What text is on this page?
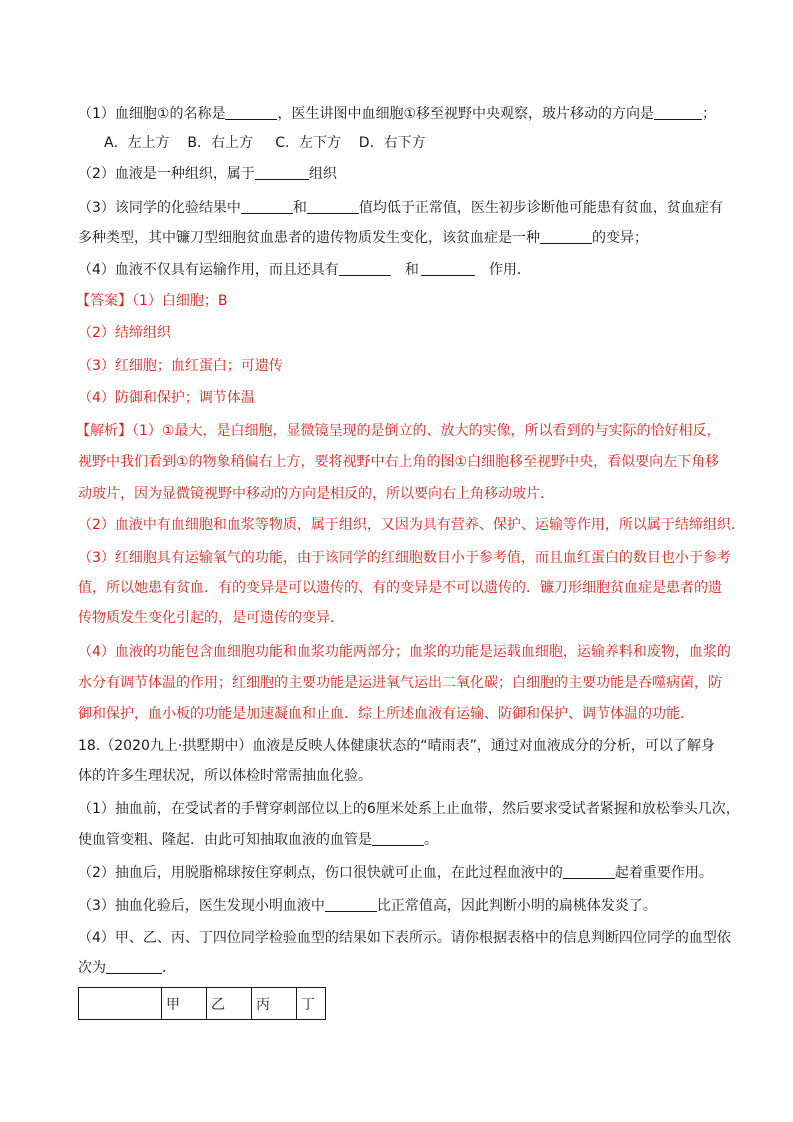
（1）血细胞①的名称是	，医生讲图中血细胞①移至视野中央观察，玻片移动的方向是	；
A．左上方    B．右上方     C．左下方    D．右下方
（2）血液是一种组织，属于	组织
（3）该同学的化验结果中	和	值均低于正常值，医生初步诊断他可能患有贫血，贫血症有
多种类型，其中镰刀型细胞贫血患者的遗传物质发生变化，该贫血症是一种	的变异；
（4）血液不仅具有运输作用，而且还具有	和	作用．
【答案】（1）白细胞；B
（2）结缔组织
（3）红细胞；血红蛋白；可遗传
（4）防御和保护；调节体温
【解析】（1）①最大，是白细胞，显微镜呈现的是倒立的、放大的实像，所以看到的与实际的恰好相反，
视野中我们看到①的物象稍偏右上方，要将视野中右上角的图①白细胞移至视野中央，看似要向左下角移
动玻片，因为显微镜视野中移动的方向是相反的，所以要向右上角移动玻片．
（2）血液中有血细胞和血浆等物质，属于组织，又因为具有营养、保护、运输等作用，所以属于结缔组织．
（3）红细胞具有运输氧气的功能，由于该同学的红细胞数目小于参考值，而且血红蛋白的数目也小于参考
值，所以她患有贫血．有的变异是可以遗传的、有的变异是不可以遗传的．镰刀形细胞贫血症是患者的遗
传物质发生变化引起的，是可遗传的变异．
（4）血液的功能包含血细胞功能和血浆功能两部分；血浆的功能是运载血细胞，运输养料和废物，血浆的
水分有调节体温的作用；红细胞的主要功能是运进氧气运出二氧化碳；白细胞的主要功能是吞噬病菌，防
御和保护，血小板的功能是加速凝血和止血．综上所述血液有运输、防御和保护、调节体温的功能．
18.（2020九上·拱墅期中）血液是反映人体健康状态的“晴雨表”，通过对血液成分的分析，可以了解身
体的许多生理状况，所以体检时常需抽血化验。
（1）抽血前，在受试者的手臂穿刺部位以上的6厘米处系上止血带，然后要求受试者紧握和放松拳头几次，
使血管变粗、隆起．由此可知抽取血液的血管是	。
（2）抽血后，用脱脂棉球按住穿刺点，伤口很快就可止血，在此过程血液中的	起着重要作用。
（3）抽血化验后，医生发现小明血液中	比正常值高，因此判断小明的扁桃体发炎了。
（4）甲、乙、丙、丁四位同学检验血型的结果如下表所示。请你根据表格中的信息判断四位同学的血型依
次为	．
	甲	乙	丙	丁
